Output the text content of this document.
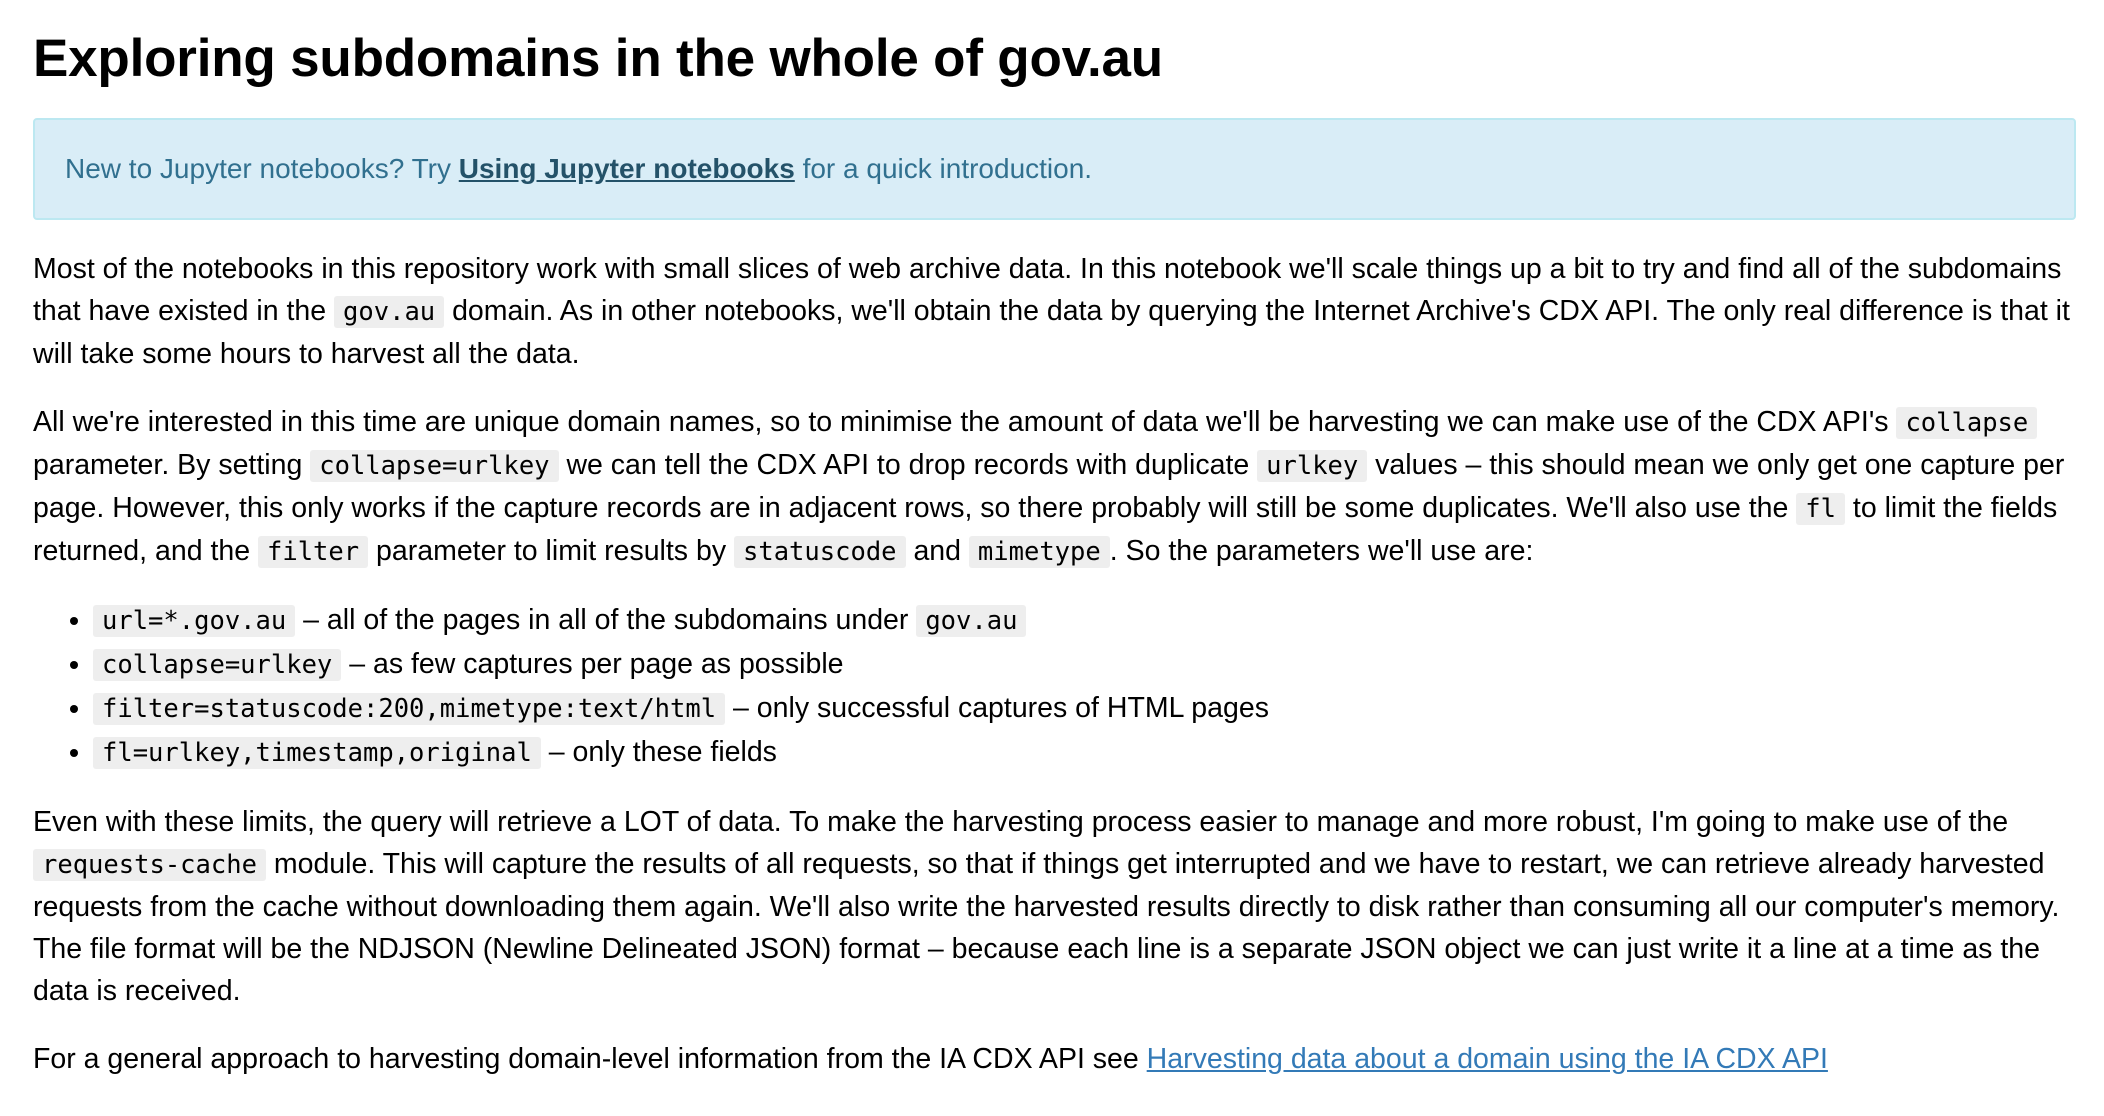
Exploring subdomains in the whole of gov.au
New to Jupyter notebooks? Try Using Jupyter notebooks for a quick introduction.

Most of the notebooks in this repository work with small slices of web archive data. In this notebook we'll scale things up a bit to try and find all of the subdomains that have existed in the gov.au domain. As in other notebooks, we'll obtain the data by querying the Internet Archive's CDX API. The only real difference is that it will take some hours to harvest all the data.

All we're interested in this time are unique domain names, so to minimise the amount of data we'll be harvesting we can make use of the CDX API's collapse parameter. By setting collapse=urlkey we can tell the CDX API to drop records with duplicate urlkey values – this should mean we only get one capture per page. However, this only works if the capture records are in adjacent rows, so there probably will still be some duplicates. We'll also use the fl to limit the fields returned, and the filter parameter to limit results by statuscode and mimetype . So the parameters we'll use are:

• url=*.gov.au – all of the pages in all of the subdomains under gov.au
• collapse=urlkey – as few captures per page as possible
• filter=statuscode:200,mimetype:text/html – only successful captures of HTML pages
• fl=urlkey,timestamp,original – only these fields

Even with these limits, the query will retrieve a LOT of data. To make the harvesting process easier to manage and more robust, I'm going to make use of the requests-cache module. This will capture the results of all requests, so that if things get interrupted and we have to restart, we can retrieve already harvested requests from the cache without downloading them again. We'll also write the harvested results directly to disk rather than consuming all our computer's memory. The file format will be the NDJSON (Newline Delineated JSON) format – because each line is a separate JSON object we can just write it a line at a time as the data is received.

For a general approach to harvesting domain-level information from the IA CDX API see Harvesting data about a domain using the IA CDX API
